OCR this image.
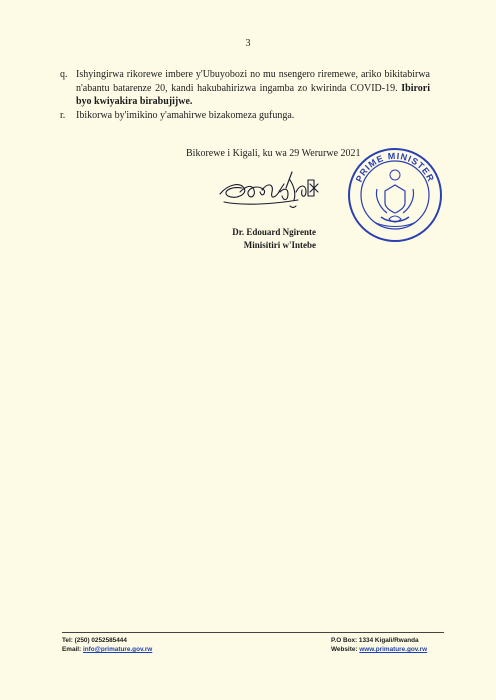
3
q. Ishyingirwa rikorewe imbere y'Ubuyobozi no mu nsengero riremewe, ariko bikitabirwa n'abantu batarenze 20, kandi hakubahirizwa ingamba zo kwirinda COVID-19. Ibirori byo kwiyakira birabujijwe.
r. Ibikorwa by'imikino y'amahirwe bizakomeza gufunga.
Bikorewe i Kigali, ku wa 29 Werurwe 2021
PRIME MINISTER
Dr. Edouard Ngirente
Minisitiri w'Intebe
Tel: (250) 0252585444
Email: info@primature.gov.rw
P.O Box: 1334 Kigali/Rwanda
Website: www.primature.gov.rw
